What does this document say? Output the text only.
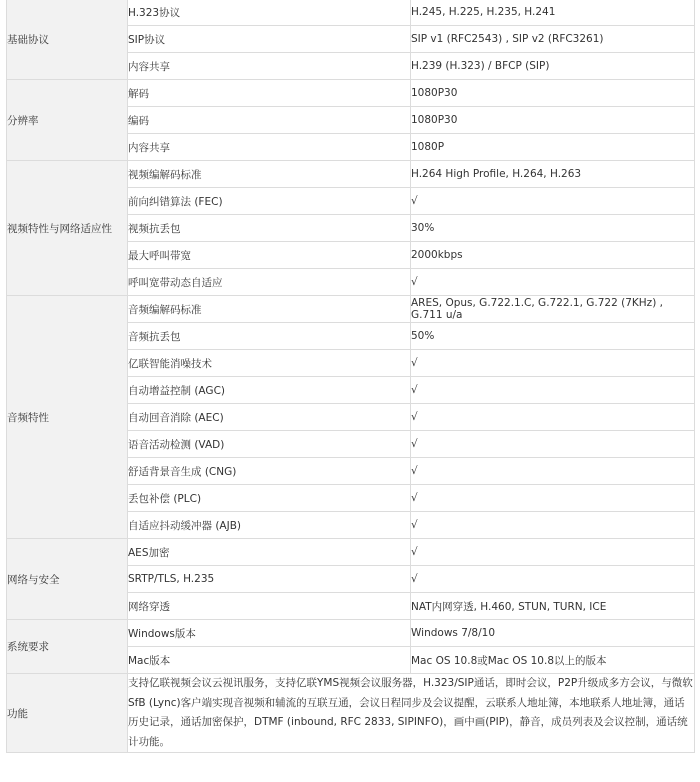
基础协议	H.323协议	H.245, H.225, H.235, H.241
	SIP协议	SIP v1 (RFC2543) , SIP v2 (RFC3261)
	内容共享	H.239 (H.323) / BFCP (SIP)
分辨率	解码	1080P30
	编码	1080P30
	内容共享	1080P
视频特性与网络适应性	视频编解码标准	H.264 High Profile, H.264, H.263
	前向纠错算法 (FEC)	√
	视频抗丢包	30%
	最大呼叫带宽	2000kbps
	呼叫宽带动态自适应	√
音频特性	音频编解码标准	ARES, Opus, G.722.1.C, G.722.1, G.722 (7KHz) , G.711 u/a
	音频抗丢包	50%
	亿联智能消噪技术	√
	自动增益控制 (AGC)	√
	自动回音消除 (AEC)	√
	语音活动检测 (VAD)	√
	舒适背景音生成 (CNG)	√
	丢包补偿 (PLC)	√
	自适应抖动缓冲器 (AJB)	√
网络与安全	AES加密	√
	SRTP/TLS, H.235	√
	网络穿透	NAT内网穿透, H.460, STUN, TURN, ICE
系统要求	Windows版本	Windows 7/8/10
	Mac版本	Mac OS 10.8或Mac OS 10.8以上的版本
功能	支持亿联视频会议云视讯服务，支持亿联YMS视频会议服务器，H.323/SIP通话，即时会议，P2P升级成多方会议，与微软SfB (Lync)客户端实现音视频和辅流的互联互通，会议日程同步及会议提醒，云联系人地址簿，本地联系人地址簿，通话历史记录，通话加密保护，DTMF (inbound, RFC 2833, SIPINFO)，画中画(PIP)，静音，成员列表及会议控制，通话统计功能。	
